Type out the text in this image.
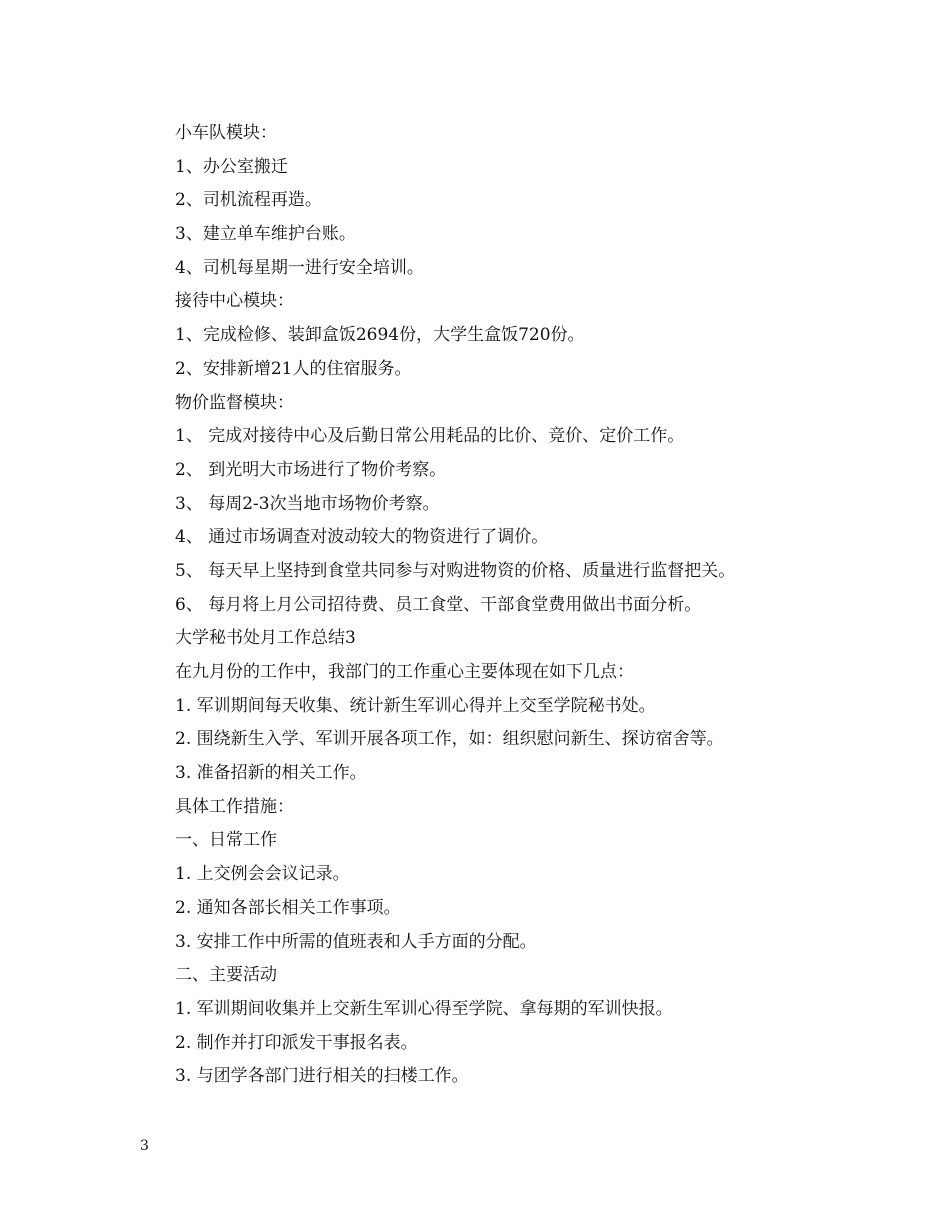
小车队模块：
1、办公室搬迁
2、司机流程再造。
3、建立单车维护台账。
4、司机每星期一进行安全培训。
接待中心模块：
1、完成检修、装卸盒饭2694份，大学生盒饭720份。
2、安排新增21人的住宿服务。
物价监督模块：
1、 完成对接待中心及后勤日常公用耗品的比价、竞价、定价工作。
2、 到光明大市场进行了物价考察。
3、 每周2-3次当地市场物价考察。
4、 通过市场调查对波动较大的物资进行了调价。
5、 每天早上坚持到食堂共同参与对购进物资的价格、质量进行监督把关。
6、 每月将上月公司招待费、员工食堂、干部食堂费用做出书面分析。
大学秘书处月工作总结3
在九月份的工作中，我部门的工作重心主要体现在如下几点：
1. 军训期间每天收集、统计新生军训心得并上交至学院秘书处。
2. 围绕新生入学、军训开展各项工作，如：组织慰问新生、探访宿舍等。
3. 准备招新的相关工作。
具体工作措施：
一、日常工作
1. 上交例会会议记录。
2. 通知各部长相关工作事项。
3. 安排工作中所需的值班表和人手方面的分配。
二、主要活动
1. 军训期间收集并上交新生军训心得至学院、拿每期的军训快报。
2. 制作并打印派发干事报名表。
3. 与团学各部门进行相关的扫楼工作。
3
